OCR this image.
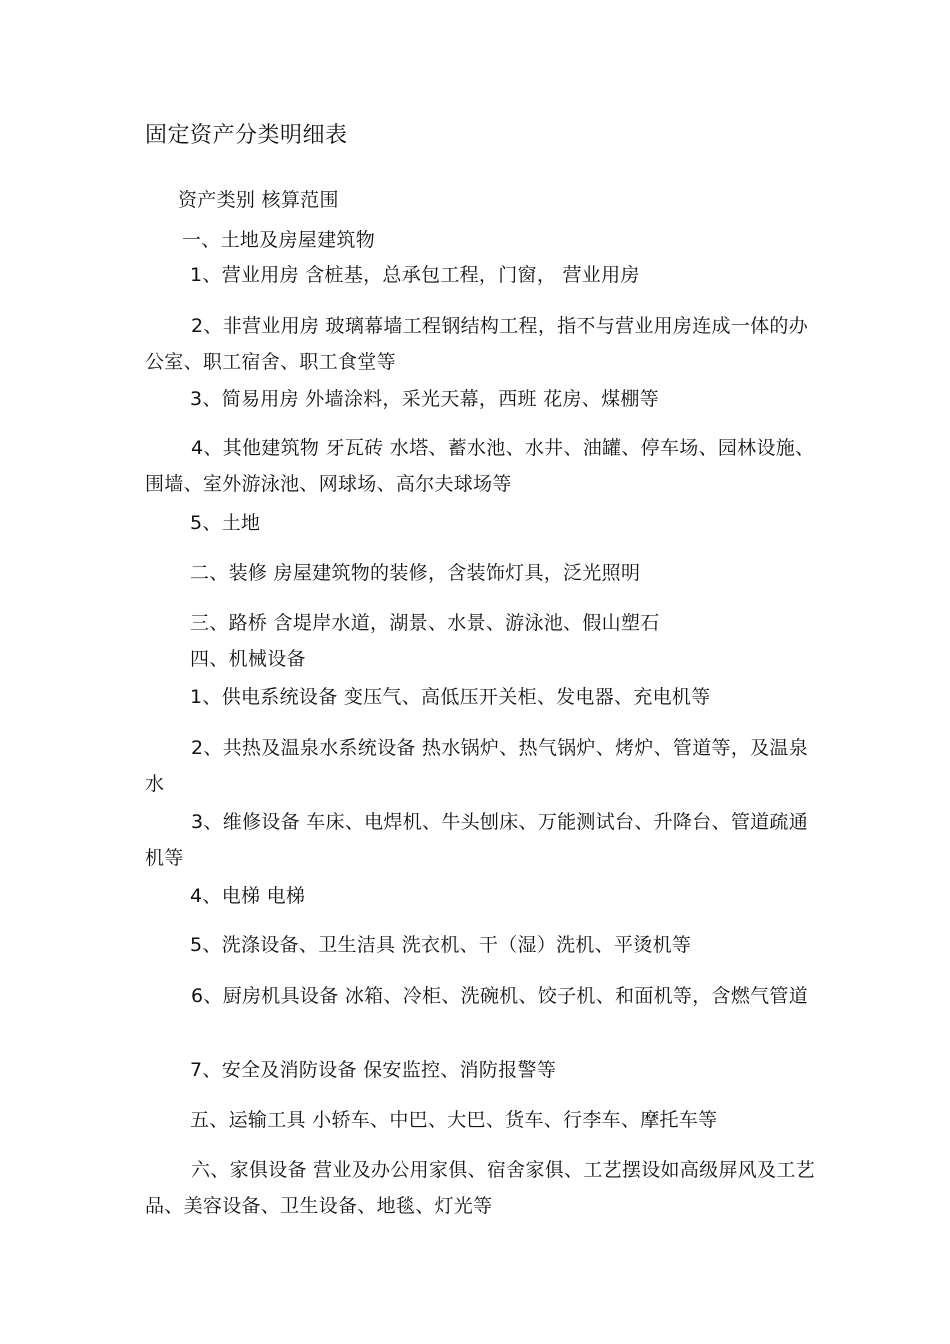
固定资产分类明细表
资产类别 核算范围
一、土地及房屋建筑物
1、营业用房 含桩基，总承包工程，门窗， 营业用房
2、非营业用房 玻璃幕墙工程钢结构工程，指不与营业用房连成一体的办公室、职工宿舍、职工食堂等
3、简易用房 外墙涂料，采光天幕，西班 花房、煤棚等
4、其他建筑物 牙瓦砖 水塔、蓄水池、水井、油罐、停车场、园林设施、围墙、室外游泳池、网球场、高尔夫球场等
5、土地
二、装修 房屋建筑物的装修，含装饰灯具，泛光照明
三、路桥 含堤岸水道，湖景、水景、游泳池、假山塑石
四、机械设备
1、供电系统设备 变压气、高低压开关柜、发电器、充电机等
2、共热及温泉水系统设备 热水锅炉、热气锅炉、烤炉、管道等，及温泉水
3、维修设备 车床、电焊机、牛头刨床、万能测试台、升降台、管道疏通机等
4、电梯 电梯
5、洗涤设备、卫生洁具 洗衣机、干（湿）洗机、平烫机等
6、厨房机具设备 冰箱、冷柜、洗碗机、饺子机、和面机等，含燃气管道
7、安全及消防设备 保安监控、消防报警等
五、运输工具 小轿车、中巴、大巴、货车、行李车、摩托车等
六、家俱设备 营业及办公用家俱、宿舍家俱、工艺摆设如高级屏风及工艺品、美容设备、卫生设备、地毯、灯光等
